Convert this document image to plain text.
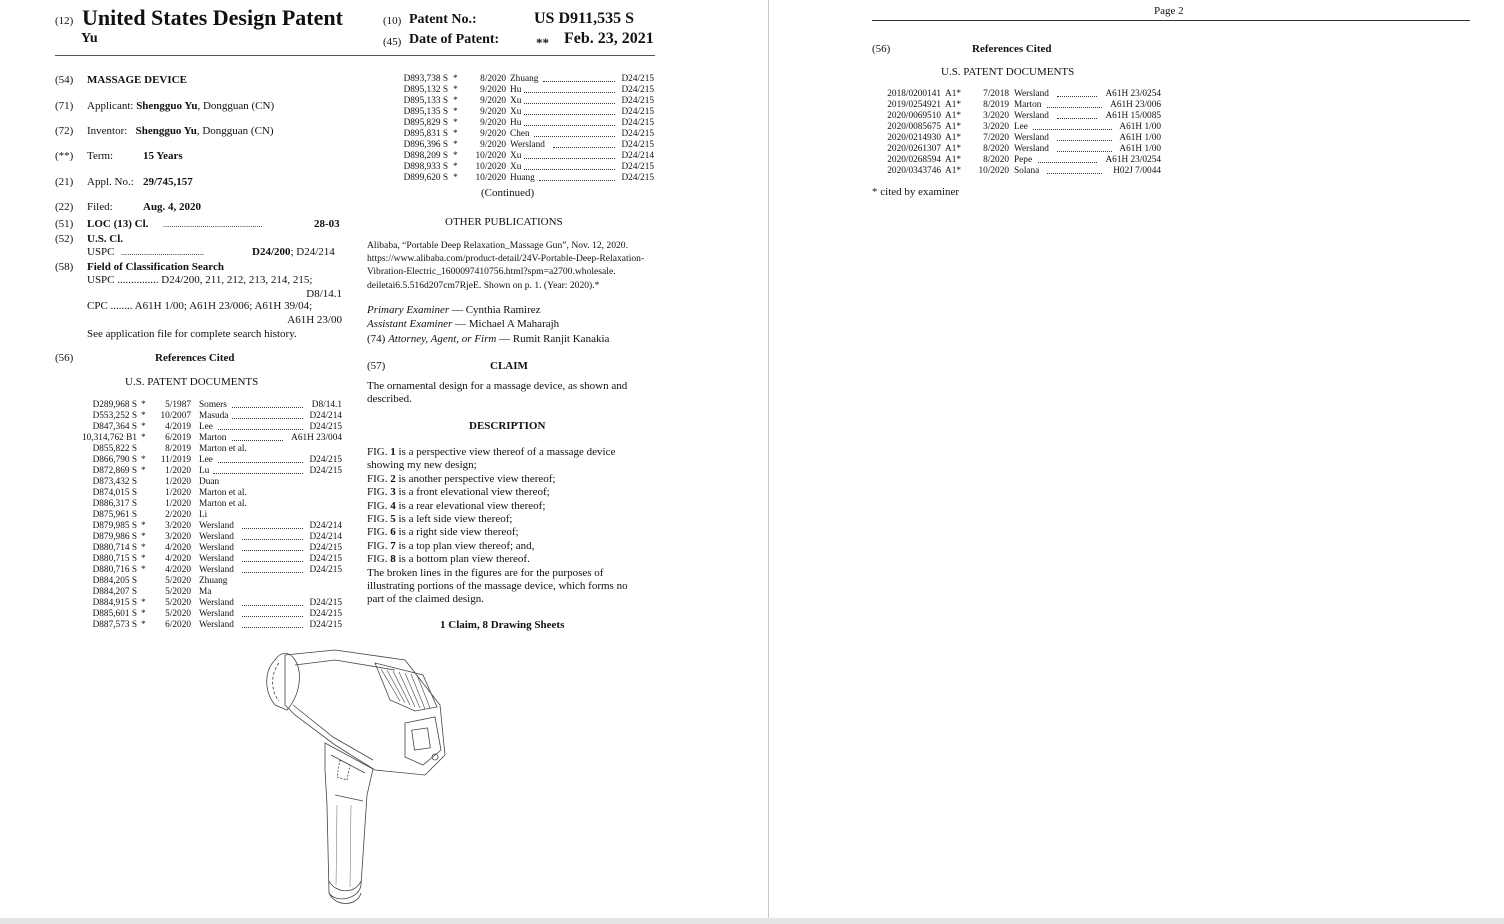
(12) United States Design Patent
Yu
(10) Patent No.:	US D911,535 S
(45) Date of Patent:	** Feb. 23, 2021
(54) MASSAGE DEVICE
(71) Applicant: Shengguo Yu, Dongguan (CN)
(72) Inventor: Shengguo Yu, Dongguan (CN)
(**) Term:	15 Years
(21) Appl. No.: 29/745,157
(22) Filed:	Aug. 4, 2020
(51) LOC (13) Cl. ................................................	28-03
(52) U.S. Cl.
USPC ........................................	D24/200; D24/214
(58) Field of Classification Search
USPC ............... D24/200, 211, 212, 213, 214, 215;
D8/14.1
CPC ........ A61H 1/00; A61H 23/006; A61H 39/04;
A61H 23/00
See application file for complete search history.
(56)	References Cited
U.S. PATENT DOCUMENTS
D289,968 S * 5/1987 Somers	D8/14.1
D553,252 S * 10/2007 Masuda	D24/214
D847,364 S * 4/2019 Lee	D24/215
10,314,762 B1 * 6/2019 Marton	A61H 23/004
D855,822 S	8/2019 Marton et al.
D866,790 S * 11/2019 Lee	D24/215
D872,869 S * 1/2020 Lu	D24/215
D873,432 S	1/2020 Duan
D874,015 S	1/2020 Marton et al.
D886,317 S	1/2020 Marton et al.
D875,961 S	2/2020 Li
D879,985 S * 3/2020 Wersland	D24/214
D879,986 S * 3/2020 Wersland	D24/214
D880,714 S * 4/2020 Wersland	D24/215
D880,715 S * 4/2020 Wersland	D24/215
D880,716 S * 4/2020 Wersland	D24/215
D884,205 S	5/2020 Zhuang
D884,207 S	5/2020 Ma
D884,915 S * 5/2020 Wersland	D24/215
D885,601 S * 5/2020 Wersland	D24/215
D887,573 S * 6/2020 Wersland	D24/215
D893,738 S * 8/2020 Zhuang	D24/215
D895,132 S * 9/2020 Hu	D24/215
D895,133 S * 9/2020 Xu	D24/215
D895,135 S * 9/2020 Xu	D24/215
D895,829 S * 9/2020 Hu	D24/215
D895,831 S * 9/2020 Chen	D24/215
D896,396 S * 9/2020 Wersland	D24/215
D898,209 S * 10/2020 Xu	D24/214
D898,933 S * 10/2020 Xu	D24/215
D899,620 S * 10/2020 Huang	D24/215
(Continued)
OTHER PUBLICATIONS
Alibaba, “Portable Deep Relaxation_Massage Gun”, Nov. 12, 2020.
https://www.alibaba.com/product-detail/24V-Portable-Deep-Relaxation-
Vibration-Electric_1600097410756.html?spm=a2700.wholesale.
deiletai6.5.516d207cm7RjeE. Shown on p. 1. (Year: 2020).*
Primary Examiner — Cynthia Ramirez
Assistant Examiner — Michael A Maharajh
(74) Attorney, Agent, or Firm — Rumit Ranjit Kanakia
(57)	CLAIM
The ornamental design for a massage device, as shown and
described.
DESCRIPTION
FIG. 1 is a perspective view thereof of a massage device
showing my new design;
FIG. 2 is another perspective view thereof;
FIG. 3 is a front elevational view thereof;
FIG. 4 is a rear elevational view thereof;
FIG. 5 is a left side view thereof;
FIG. 6 is a right side view thereof;
FIG. 7 is a top plan view thereof; and,
FIG. 8 is a bottom plan view thereof.
The broken lines in the figures are for the purposes of
illustrating portions of the massage device, which forms no
part of the claimed design.
1 Claim, 8 Drawing Sheets
Page 2
(56)	References Cited
U.S. PATENT DOCUMENTS
2018/0200141 A1* 7/2018 Wersland	A61H 23/0254
2019/0254921 A1* 8/2019 Marton	A61H 23/006
2020/0069510 A1* 3/2020 Wersland	A61H 15/0085
2020/0085675 A1* 3/2020 Lee	A61H 1/00
2020/0214930 A1* 7/2020 Wersland	A61H 1/00
2020/0261307 A1* 8/2020 Wersland	A61H 1/00
2020/0268594 A1* 8/2020 Pepe	A61H 23/0254
2020/0343746 A1* 10/2020 Solana	H02J 7/0044
* cited by examiner
